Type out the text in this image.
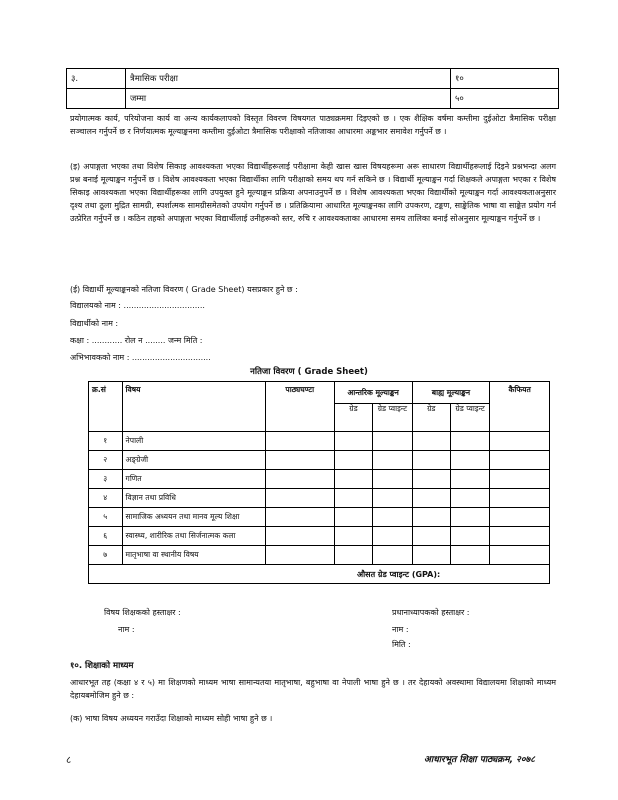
३.	त्रैमासिक परीक्षा	१०
	जम्मा	५०
प्रयोगात्मक कार्य, परियोजना कार्य वा अन्य कार्यकलापको विस्तृत विवरण विषयगत पाठ्यक्रममा दिइएको छ । एक शैक्षिक वर्षमा कम्तीमा दुईओटा त्रैमासिक परीक्षा सञ्चालन गर्नुपर्ने छ र निर्णयात्मक मूल्याङ्कनमा कम्तीमा दुईओटा त्रैमासिक परीक्षाको नतिजाका आधारमा अङ्कभार समावेश गर्नुपर्ने छ ।
(इ) अपाङ्गता भएका तथा विशेष सिकाइ आवश्यकता भएका विद्यार्थीहरूलाई परीक्षामा केही खास खास विषयहरूमा अरू साधारण विद्यार्थीहरूलाई दिइने प्रश्नभन्दा अलग प्रश्न बनाई मूल्याङ्कन गर्नुपर्ने छ । विशेष आवश्यकता भएका विद्यार्थीका लागि परीक्षाको समय थप गर्न सकिने छ । विद्यार्थी मूल्याङ्कन गर्दा शिक्षकले अपाङ्गता भएका र विशेष सिकाइ आवश्यकता भएका विद्यार्थीहरूका लागि उपयुक्त हुने मूल्याङ्कन प्रक्रिया अपनाउनुपर्ने छ । विशेष आवश्यकता भएका विद्यार्थीको मूल्याङ्कन गर्दा आवश्यकताअनुसार दृश्य तथा ठूला मुद्रित सामग्री, स्पर्शात्मक सामग्रीसमेतको उपयोग गर्नुपर्ने छ । प्रतिक्रियामा आधारित मूल्याङ्कनका लागि उपकरण, टङ्कण, साङ्केतिक भाषा वा साङ्केत प्रयोग गर्न उत्प्रेरित गर्नुपर्ने छ । कठिन तहको अपाङ्गता भएका विद्यार्थीलाई उनीहरूको स्तर, रुचि र आवश्यकताका आधारमा समय तालिका बनाई सोअनुसार मूल्याङ्कन गर्नुपर्ने छ ।
(ई) विद्यार्थी मूल्याङ्कनको नतिजा विवरण ( Grade Sheet) यसप्रकार हुने छ :
विद्यालयको नाम : ................................
विद्यार्थीको नाम :
कक्षा : ............ रोल न ........ जन्म मिति :
अभिभावकको नाम : ...............................
नतिजा विवरण ( Grade Sheet)
क्र.सं	विषय	पाठ्यघण्टा	आन्तरिक मूल्याङ्कन		बाह्य मूल्याङ्कन		कैफियत
			ग्रेड	ग्रेड प्वाइन्ट	ग्रेड	ग्रेड प्वाइन्ट	
१	नेपाली						
२	अङ्ग्रेजी						
३	गणित						
४	विज्ञान तथा प्रविधि						
५	सामाजिक अध्ययन तथा मानव मूल्य शिक्षा						
६	स्वास्थ्य, शारीरिक तथा सिर्जनात्मक कला						
७	मातृभाषा वा स्थानीय विषय						
औसत ग्रेड प्वाइन्ट (GPA):							
विषय शिक्षकको हस्ताक्षर :
नाम :
प्रधानाध्यापकको हस्ताक्षर :
नाम :
मिति :
१०. शिक्षाको माध्यम
आधारभूत तह (कक्षा ४ र ५) मा शिक्षणको माध्यम भाषा सामान्यतया मातृभाषा, बहुभाषा वा नेपाली भाषा हुने छ । तर देहायको अवस्थामा विद्यालयमा शिक्षाको माध्यम देहायबमोजिम हुने छ :
(क) भाषा विषय अध्ययन गराउँदा शिक्षाको माध्यम सोही भाषा हुने छ ।
८	आधारभूत शिक्षा पाठ्यक्रम, २०७८
